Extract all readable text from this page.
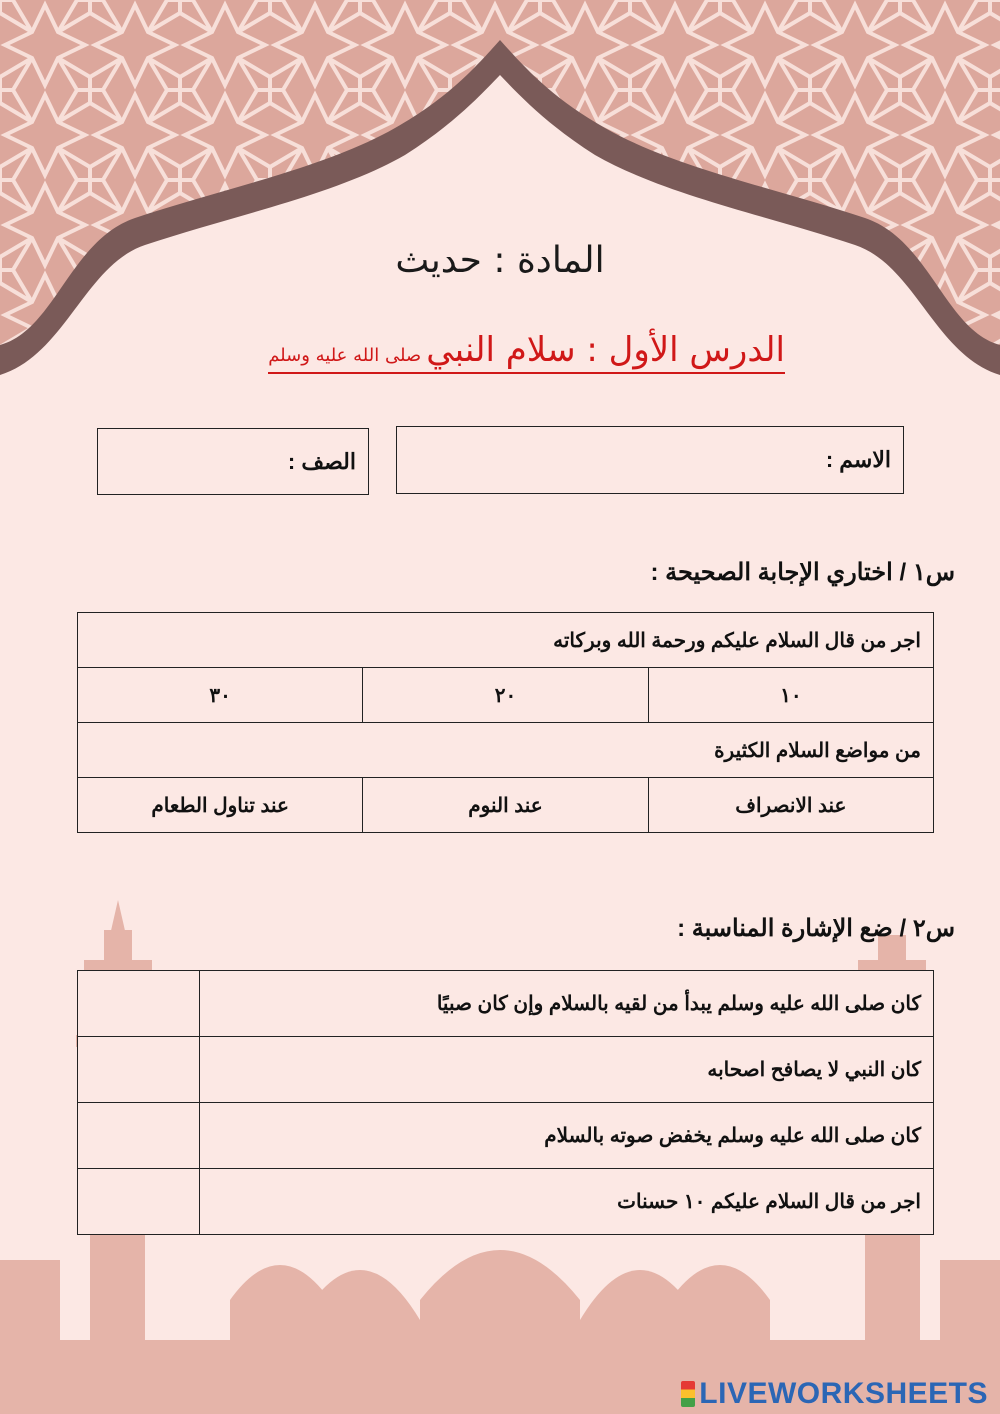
المادة : حديث
الدرس الأول : سلام النبي صلى الله عليه وسلم
الاسم :
الصف :
س١ / اختاري الإجابة الصحيحة :
اجر من قال السلام عليكم ورحمة الله وبركاته		
١٠	٢٠	٣٠
من مواضع السلام الكثيرة		
عند الانصراف	عند النوم	عند تناول الطعام
س٢ / ضع الإشارة المناسبة :
كان صلى الله عليه وسلم يبدأ من لقيه بالسلام وإن كان صبيًا	
كان النبي لا يصافح اصحابه	
كان صلى الله عليه وسلم يخفض صوته بالسلام	
اجر من قال السلام عليكم ١٠ حسنات	
LIVEWORKSHEETS
